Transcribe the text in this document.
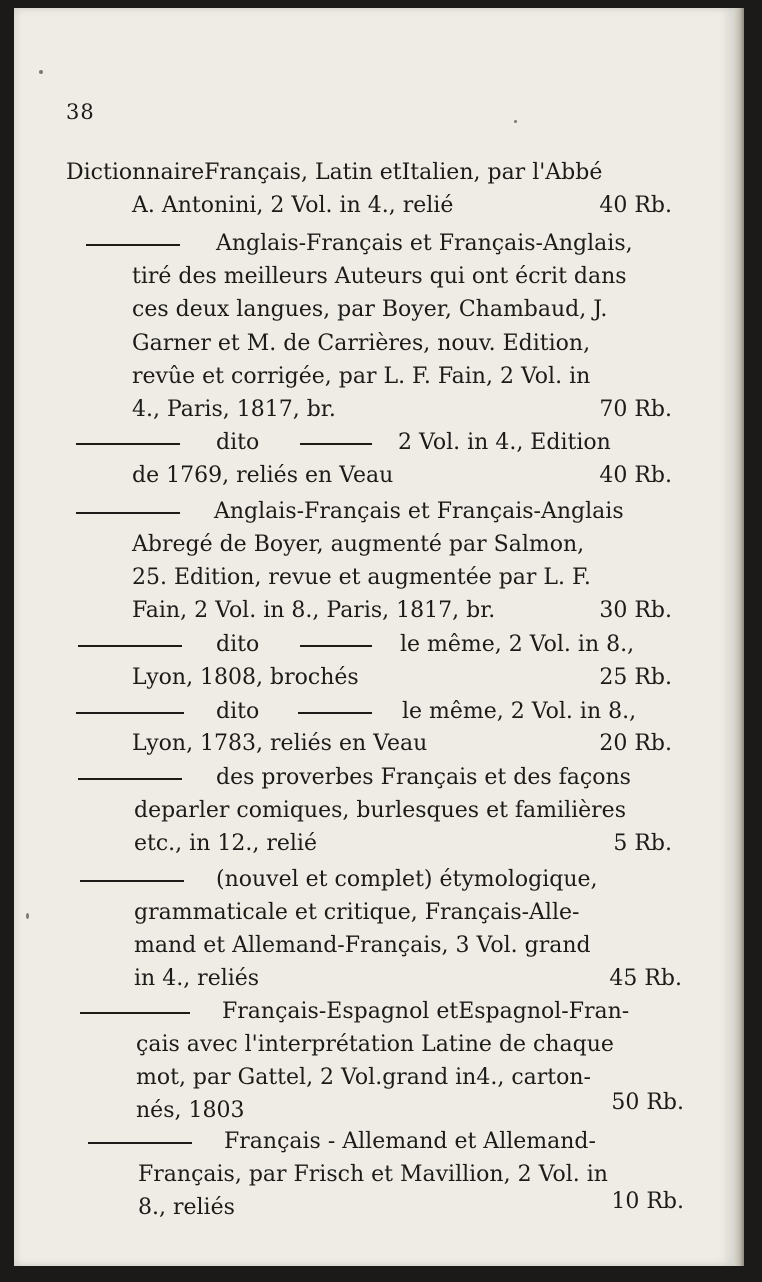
38
DictionnaireFrançais, Latin etItalien, par l'Abbé
A. Antonini, 2 Vol. in 4., relié	40 Rb.
Anglais-Français et Français-Anglais,
tiré des meilleurs Auteurs qui ont écrit dans
ces deux langues, par Boyer, Chambaud, J.
Garner et M. de Carrières, nouv. Edition,
revûe et corrigée, par L. F. Fain, 2 Vol. in
4., Paris, 1817, br.	70 Rb.
dito	2 Vol. in 4., Edition
de 1769, reliés en Veau	40 Rb.
Anglais-Français et Français-Anglais
Abregé de Boyer, augmenté par Salmon,
25. Edition, revue et augmentée par L. F.
Fain, 2 Vol. in 8., Paris, 1817, br.	30 Rb.
dito	le même, 2 Vol. in 8.,
Lyon, 1808, brochés	25 Rb.
dito	le même, 2 Vol. in 8.,
Lyon, 1783, reliés en Veau	20 Rb.
des proverbes Français et des façons
deparler comiques, burlesques et familières
etc., in 12., relié	5 Rb.
(nouvel et complet) étymologique,
grammaticale et critique, Français-Alle-
mand et Allemand-Français, 3 Vol. grand
in 4., reliés	45 Rb.
Français-Espagnol etEspagnol-Fran-
çais avec l'interprétation Latine de chaque
mot, par Gattel, 2 Vol.grand in4., carton-
nés, 1803	50 Rb.
Français - Allemand et Allemand-
Français, par Frisch et Mavillion, 2 Vol. in
8., reliés	10 Rb.
